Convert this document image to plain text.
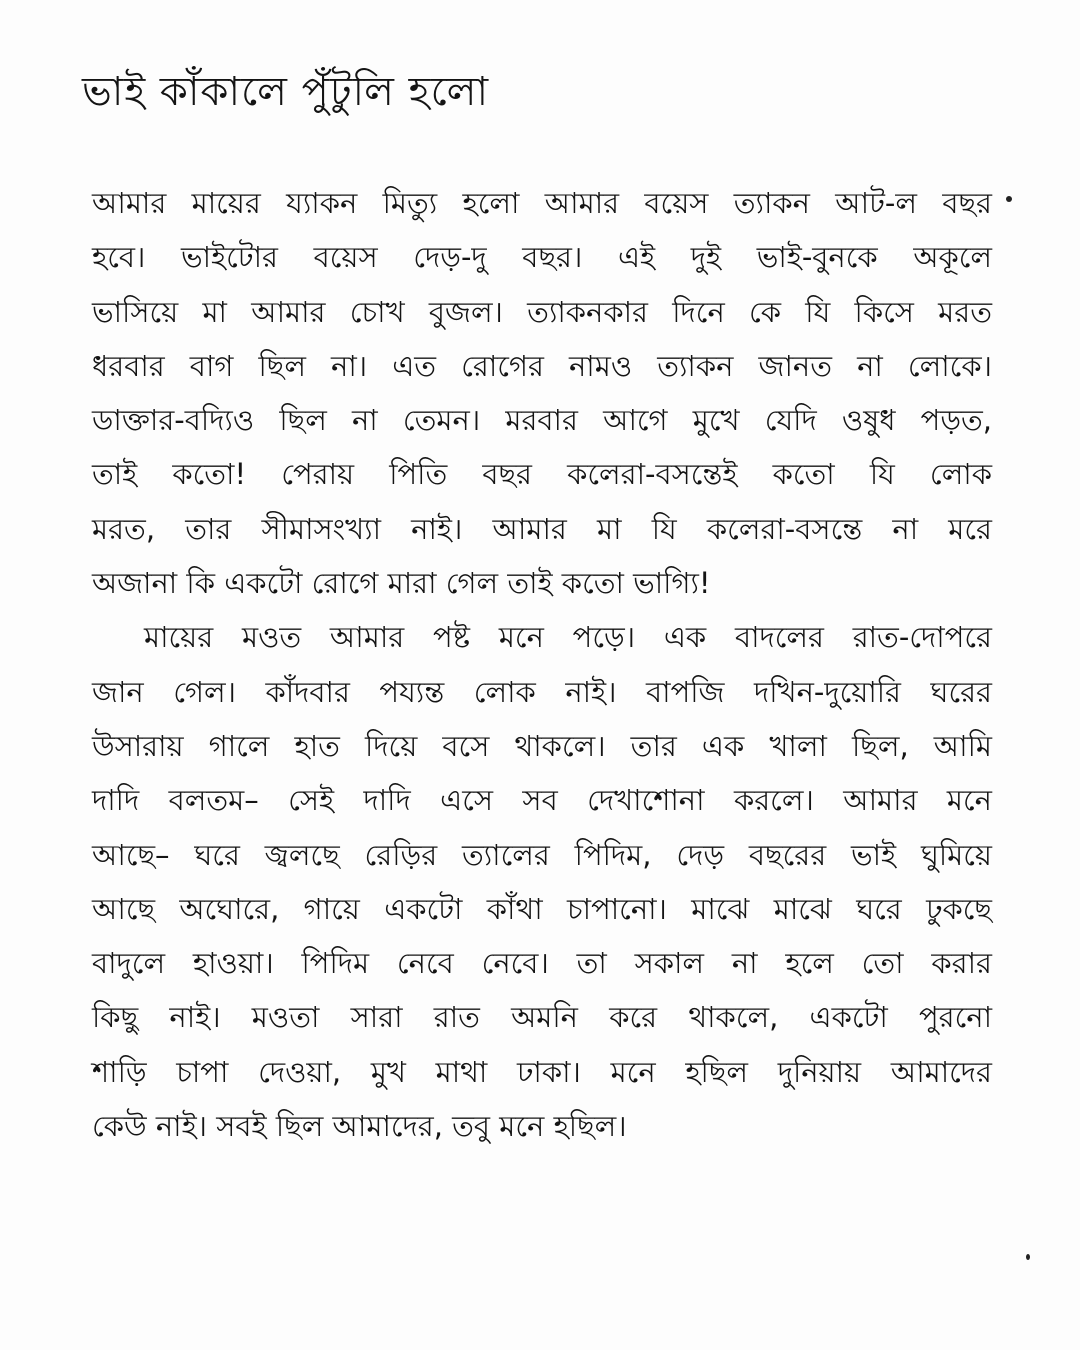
ভাই কাঁকালে পুঁটুলি হলো
আমার মায়ের য্যাকন মিত্যু হলো আমার বয়েস ত্যাকন আট-ল বছর
হবে। ভাইটোর বয়েস দেড়-দু বছর। এই দুই ভাই-বুনকে অকূলে
ভাসিয়ে মা আমার চোখ বুজল। ত্যাকনকার দিনে কে যি কিসে মরত
ধরবার বাগ ছিল না। এত রোগের নামও ত্যাকন জানত না লোকে।
ডাক্তার-বদ্যিও ছিল না তেমন। মরবার আগে মুখে যেদি ওষুধ পড়ত,
তাই কতো! পেরায় পিতি বছর কলেরা-বসন্তেই কতো যি লোক
মরত, তার সীমাসংখ্যা নাই। আমার মা যি কলেরা-বসন্তে না মরে
অজানা কি একটো রোগে মারা গেল তাই কতো ভাগ্যি!
মায়ের মওত আমার পষ্ট মনে পড়ে। এক বাদলের রাত-দোপরে
জান গেল। কাঁদবার পয্যন্ত লোক নাই। বাপজি দখিন-দুয়োরি ঘরের
উসারায় গালে হাত দিয়ে বসে থাকলে। তার এক খালা ছিল, আমি
দাদি বলতম– সেই দাদি এসে সব দেখাশোনা করলে। আমার মনে
আছে– ঘরে জ্বলছে রেড়ির ত্যালের পিদিম, দেড় বছরের ভাই ঘুমিয়ে
আছে অঘোরে, গায়ে একটো কাঁথা চাপানো। মাঝে মাঝে ঘরে ঢুকছে
বাদুলে হাওয়া। পিদিম নেবে নেবে। তা সকাল না হলে তো করার
কিছু নাই। মওতা সারা রাত অমনি করে থাকলে, একটো পুরনো
শাড়ি চাপা দেওয়া, মুখ মাথা ঢাকা। মনে হছিল দুনিয়ায় আমাদের
কেউ নাই। সবই ছিল আমাদের, তবু মনে হছিল।
